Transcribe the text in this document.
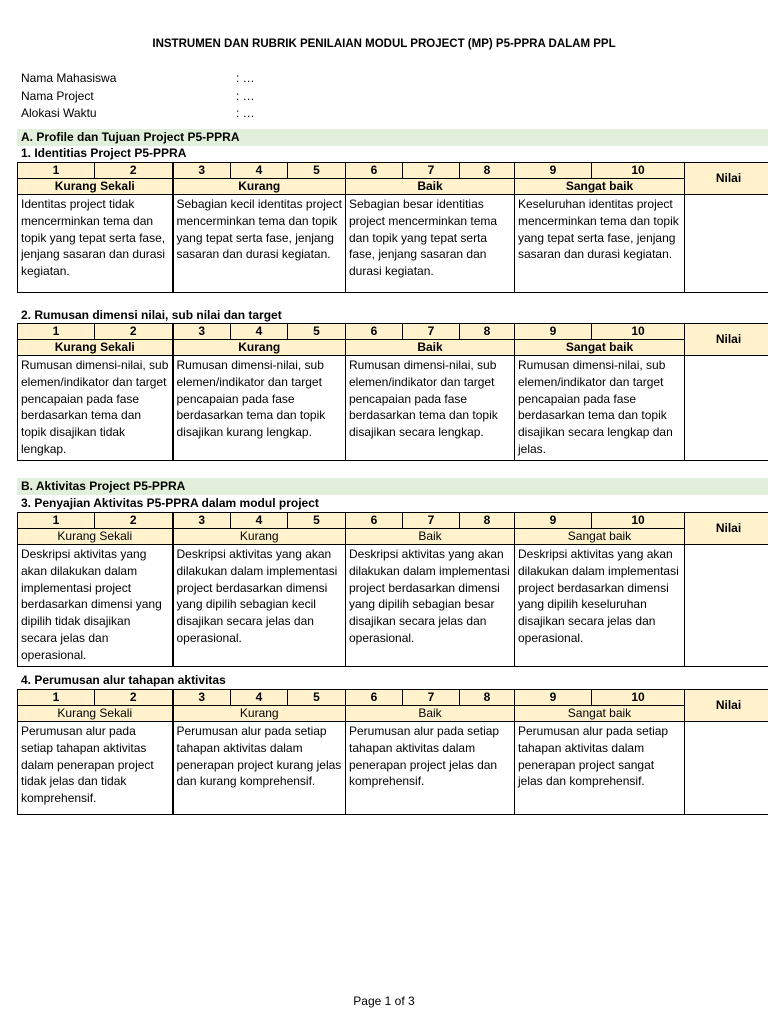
INSTRUMEN DAN RUBRIK PENILAIAN MODUL PROJECT (MP) P5-PPRA DALAM PPL
Nama Mahasiswa	: …
Nama Project	: …
Alokasi Waktu	: …
A. Profile dan Tujuan Project P5-PPRA
1. Identitias Project P5-PPRA
1	2	3	4	5	6	7	8	9	10	Nilai
Kurang Sekali		Kurang			Baik			Sangat baik		
Identitas project tidak mencerminkan tema dan topik yang tepat serta fase, jenjang sasaran dan durasi kegiatan.		Sebagian kecil identitas project mencerminkan tema dan topik yang tepat serta fase, jenjang sasaran dan durasi kegiatan.			Sebagian besar identitias project mencerminkan tema dan topik yang tepat serta fase, jenjang sasaran dan durasi kegiatan.			Keseluruhan identitas project mencerminkan tema dan topik yang tepat serta fase, jenjang sasaran dan durasi kegiatan.		
2. Rumusan dimensi nilai, sub nilai dan target
1	2	3	4	5	6	7	8	9	10	Nilai
Kurang Sekali		Kurang			Baik			Sangat baik		
Rumusan dimensi-nilai, sub elemen/indikator dan target pencapaian pada fase berdasarkan tema dan topik disajikan tidak lengkap.		Rumusan dimensi-nilai, sub elemen/indikator dan target pencapaian pada fase berdasarkan tema dan topik disajikan kurang lengkap.			Rumusan dimensi-nilai, sub elemen/indikator dan target pencapaian pada fase berdasarkan tema dan topik disajikan secara lengkap.			Rumusan dimensi-nilai, sub elemen/indikator dan target pencapaian pada fase berdasarkan tema dan topik disajikan secara lengkap dan jelas.		
B. Aktivitas Project P5-PPRA
3. Penyajian Aktivitas P5-PPRA dalam modul project
1	2	3	4	5	6	7	8	9	10	Nilai
Kurang Sekali		Kurang			Baik			Sangat baik		
Deskripsi aktivitas yang akan dilakukan dalam implementasi project berdasarkan dimensi yang dipilih tidak disajikan secara jelas dan operasional.		Deskripsi aktivitas yang akan dilakukan dalam implementasi project berdasarkan dimensi yang dipilih sebagian kecil disajikan secara jelas dan operasional.			Deskripsi aktivitas yang akan dilakukan dalam implementasi project berdasarkan dimensi yang dipilih sebagian besar disajikan secara jelas dan operasional.			Deskripsi aktivitas yang akan dilakukan dalam implementasi project berdasarkan dimensi yang dipilih keseluruhan disajikan secara jelas dan operasional.		
4. Perumusan alur tahapan aktivitas
1	2	3	4	5	6	7	8	9	10	Nilai
Kurang Sekali		Kurang			Baik			Sangat baik		
Perumusan alur pada setiap tahapan aktivitas dalam penerapan project tidak jelas dan tidak komprehensif.		Perumusan alur pada setiap tahapan aktivitas dalam penerapan project kurang jelas dan kurang komprehensif.			Perumusan alur pada setiap tahapan aktivitas dalam penerapan project jelas dan komprehensif.			Perumusan alur pada setiap tahapan aktivitas dalam penerapan project sangat jelas dan komprehensif.		
Page 1 of 3
